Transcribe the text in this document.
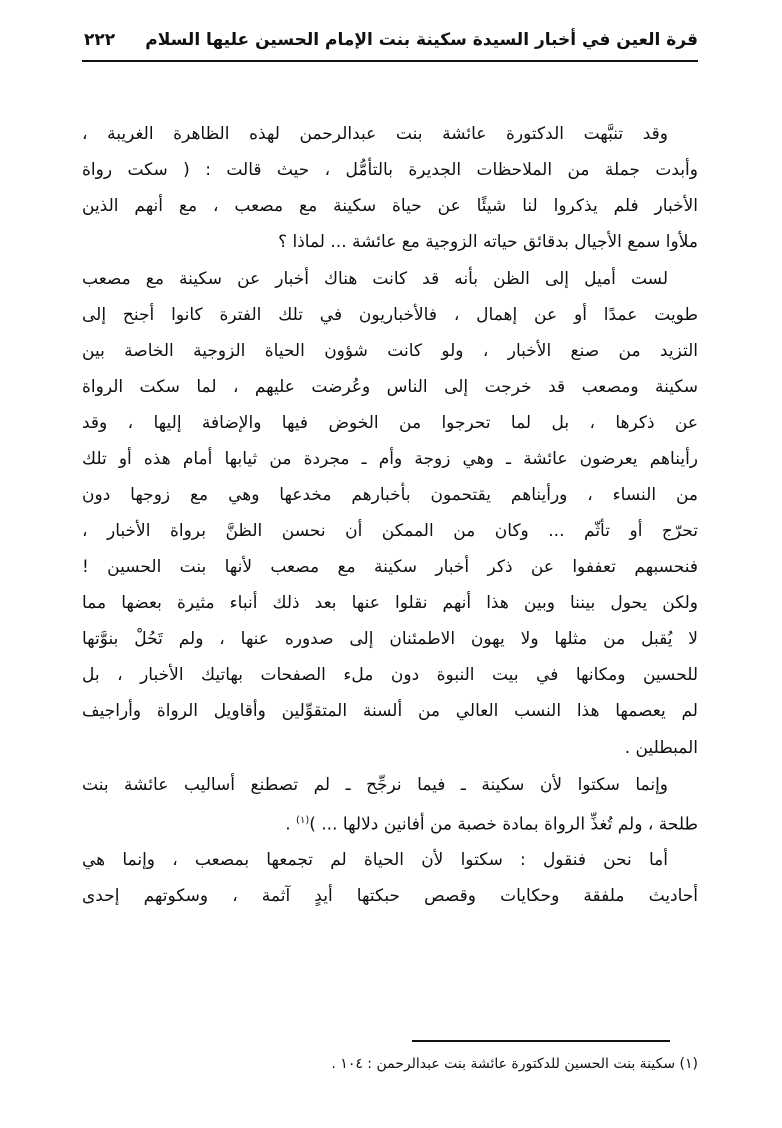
قرة العين في أخبار السيدة سكينة بنت الإمام الحسين عليها السلام
٢٢٢
وقد تنبَّهت الدكتورة عائشة بنت عبدالرحمن لهذه الظاهرة الغريبة ،
وأبدت جملة من الملاحظات الجديرة بالتأمُّل ، حيث قالت : ( سكت رواة
الأخبار فلم يذكروا لنا شيئًا عن حياة سكينة مع مصعب ، مع أنهم الذين
ملأوا سمع الأجيال بدقائق حياته الزوجية مع عائشة ... لماذا ؟
لست أميل إلى الظن بأنه قد كانت هناك أخبار عن سكينة مع مصعب
طويت عمدًا أو عن إهمال ، فالأخباريون في تلك الفترة كانوا أجنح إلى
التزيد من صنع الأخبار ، ولو كانت شؤون الحياة الزوجية الخاصة بين
سكينة ومصعب قد خرجت إلى الناس وعُرضت عليهم ، لما سكت الرواة
عن ذكرها ، بل لما تحرجوا من الخوض فيها والإضافة إليها ، وقد
رأيناهم يعرضون عائشة ـ وهي زوجة وأم ـ مجردة من ثيابها أمام هذه أو تلك
من النساء ، ورأيناهم يقتحمون بأخبارهم مخدعها وهي مع زوجها دون
تحرّج أو تأثّم ... وكان من الممكن أن نحسن الظنَّ برواة الأخبار ،
فنحسبهم تعففوا عن ذكر أخبار سكينة مع مصعب لأنها بنت الحسين !
ولكن يحول بيننا وبين هذا أنهم نقلوا عنها بعد ذلك أنباء مثيرة بعضها مما
لا يُقبل من مثلها ولا يهون الاطمئنان إلى صدوره عنها ، ولم تَحُلْ بنوَّتها
للحسين ومكانها في بيت النبوة دون ملء الصفحات بهاتيك الأخبار ، بل
لم يعصمها هذا النسب العالي من ألسنة المتقوِّلين وأقاويل الرواة وأراجيف
المبطلين .
وإنما سكتوا لأن سكينة ـ فيما نرجِّح ـ لم تصطنع أساليب عائشة بنت
طلحة ، ولم تُغذِّ الرواة بمادة خصبة من أفانين دلالها ... )$^{(١)}$ .
أما نحن فنقول : سكتوا لأن الحياة لم تجمعها بمصعب ، وإنما هي
أحاديث ملفقة وحكايات وقصص حبكتها أيدٍ آثمة ، وسكوتهم إحدى
(١) سكينة بنت الحسين للدكتورة عائشة بنت عبدالرحمن : ١٠٤ .
